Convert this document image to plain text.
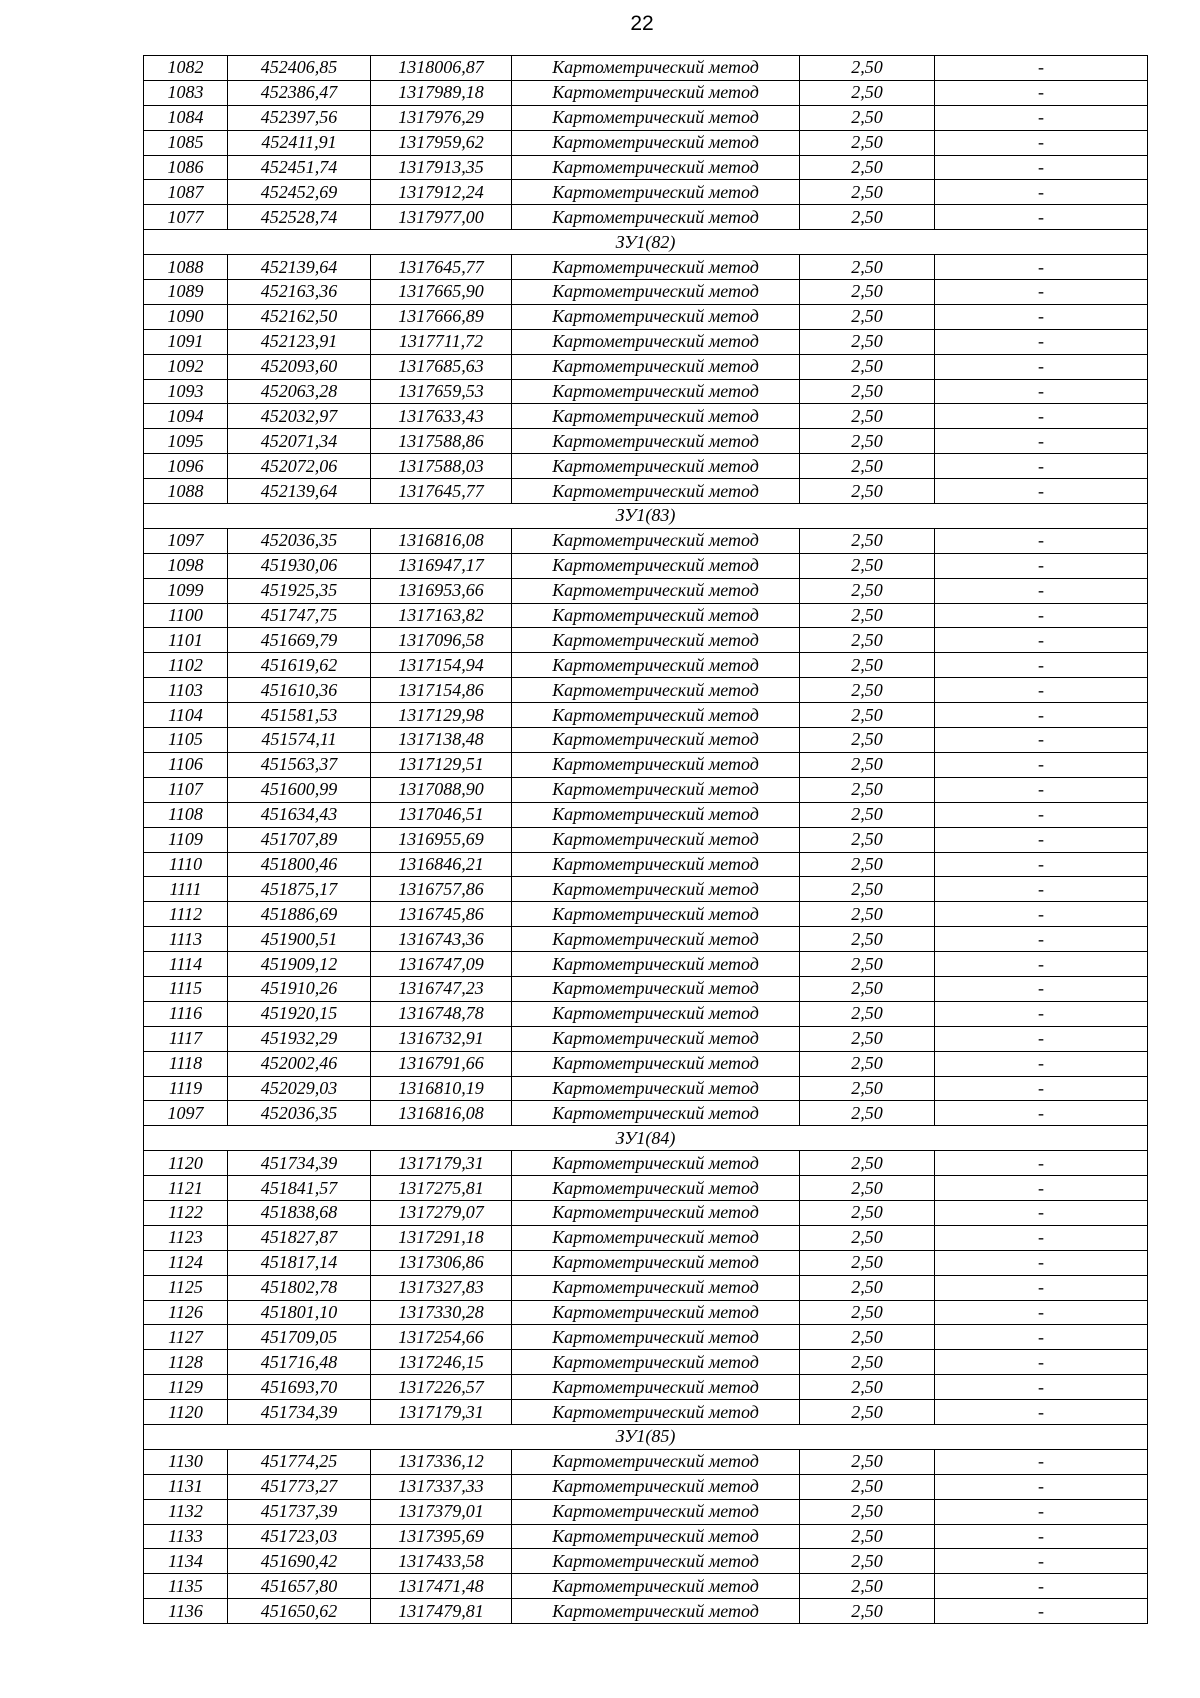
22
1082	452406,85	1318006,87	Картометрический метод	2,50	-
1083	452386,47	1317989,18	Картометрический метод	2,50	-
1084	452397,56	1317976,29	Картометрический метод	2,50	-
1085	452411,91	1317959,62	Картометрический метод	2,50	-
1086	452451,74	1317913,35	Картометрический метод	2,50	-
1087	452452,69	1317912,24	Картометрический метод	2,50	-
1077	452528,74	1317977,00	Картометрический метод	2,50	-
ЗУ1(82)					
1088	452139,64	1317645,77	Картометрический метод	2,50	-
1089	452163,36	1317665,90	Картометрический метод	2,50	-
1090	452162,50	1317666,89	Картометрический метод	2,50	-
1091	452123,91	1317711,72	Картометрический метод	2,50	-
1092	452093,60	1317685,63	Картометрический метод	2,50	-
1093	452063,28	1317659,53	Картометрический метод	2,50	-
1094	452032,97	1317633,43	Картометрический метод	2,50	-
1095	452071,34	1317588,86	Картометрический метод	2,50	-
1096	452072,06	1317588,03	Картометрический метод	2,50	-
1088	452139,64	1317645,77	Картометрический метод	2,50	-
ЗУ1(83)					
1097	452036,35	1316816,08	Картометрический метод	2,50	-
1098	451930,06	1316947,17	Картометрический метод	2,50	-
1099	451925,35	1316953,66	Картометрический метод	2,50	-
1100	451747,75	1317163,82	Картометрический метод	2,50	-
1101	451669,79	1317096,58	Картометрический метод	2,50	-
1102	451619,62	1317154,94	Картометрический метод	2,50	-
1103	451610,36	1317154,86	Картометрический метод	2,50	-
1104	451581,53	1317129,98	Картометрический метод	2,50	-
1105	451574,11	1317138,48	Картометрический метод	2,50	-
1106	451563,37	1317129,51	Картометрический метод	2,50	-
1107	451600,99	1317088,90	Картометрический метод	2,50	-
1108	451634,43	1317046,51	Картометрический метод	2,50	-
1109	451707,89	1316955,69	Картометрический метод	2,50	-
1110	451800,46	1316846,21	Картометрический метод	2,50	-
1111	451875,17	1316757,86	Картометрический метод	2,50	-
1112	451886,69	1316745,86	Картометрический метод	2,50	-
1113	451900,51	1316743,36	Картометрический метод	2,50	-
1114	451909,12	1316747,09	Картометрический метод	2,50	-
1115	451910,26	1316747,23	Картометрический метод	2,50	-
1116	451920,15	1316748,78	Картометрический метод	2,50	-
1117	451932,29	1316732,91	Картометрический метод	2,50	-
1118	452002,46	1316791,66	Картометрический метод	2,50	-
1119	452029,03	1316810,19	Картометрический метод	2,50	-
1097	452036,35	1316816,08	Картометрический метод	2,50	-
ЗУ1(84)					
1120	451734,39	1317179,31	Картометрический метод	2,50	-
1121	451841,57	1317275,81	Картометрический метод	2,50	-
1122	451838,68	1317279,07	Картометрический метод	2,50	-
1123	451827,87	1317291,18	Картометрический метод	2,50	-
1124	451817,14	1317306,86	Картометрический метод	2,50	-
1125	451802,78	1317327,83	Картометрический метод	2,50	-
1126	451801,10	1317330,28	Картометрический метод	2,50	-
1127	451709,05	1317254,66	Картометрический метод	2,50	-
1128	451716,48	1317246,15	Картометрический метод	2,50	-
1129	451693,70	1317226,57	Картометрический метод	2,50	-
1120	451734,39	1317179,31	Картометрический метод	2,50	-
ЗУ1(85)					
1130	451774,25	1317336,12	Картометрический метод	2,50	-
1131	451773,27	1317337,33	Картометрический метод	2,50	-
1132	451737,39	1317379,01	Картометрический метод	2,50	-
1133	451723,03	1317395,69	Картометрический метод	2,50	-
1134	451690,42	1317433,58	Картометрический метод	2,50	-
1135	451657,80	1317471,48	Картометрический метод	2,50	-
1136	451650,62	1317479,81	Картометрический метод	2,50	-
